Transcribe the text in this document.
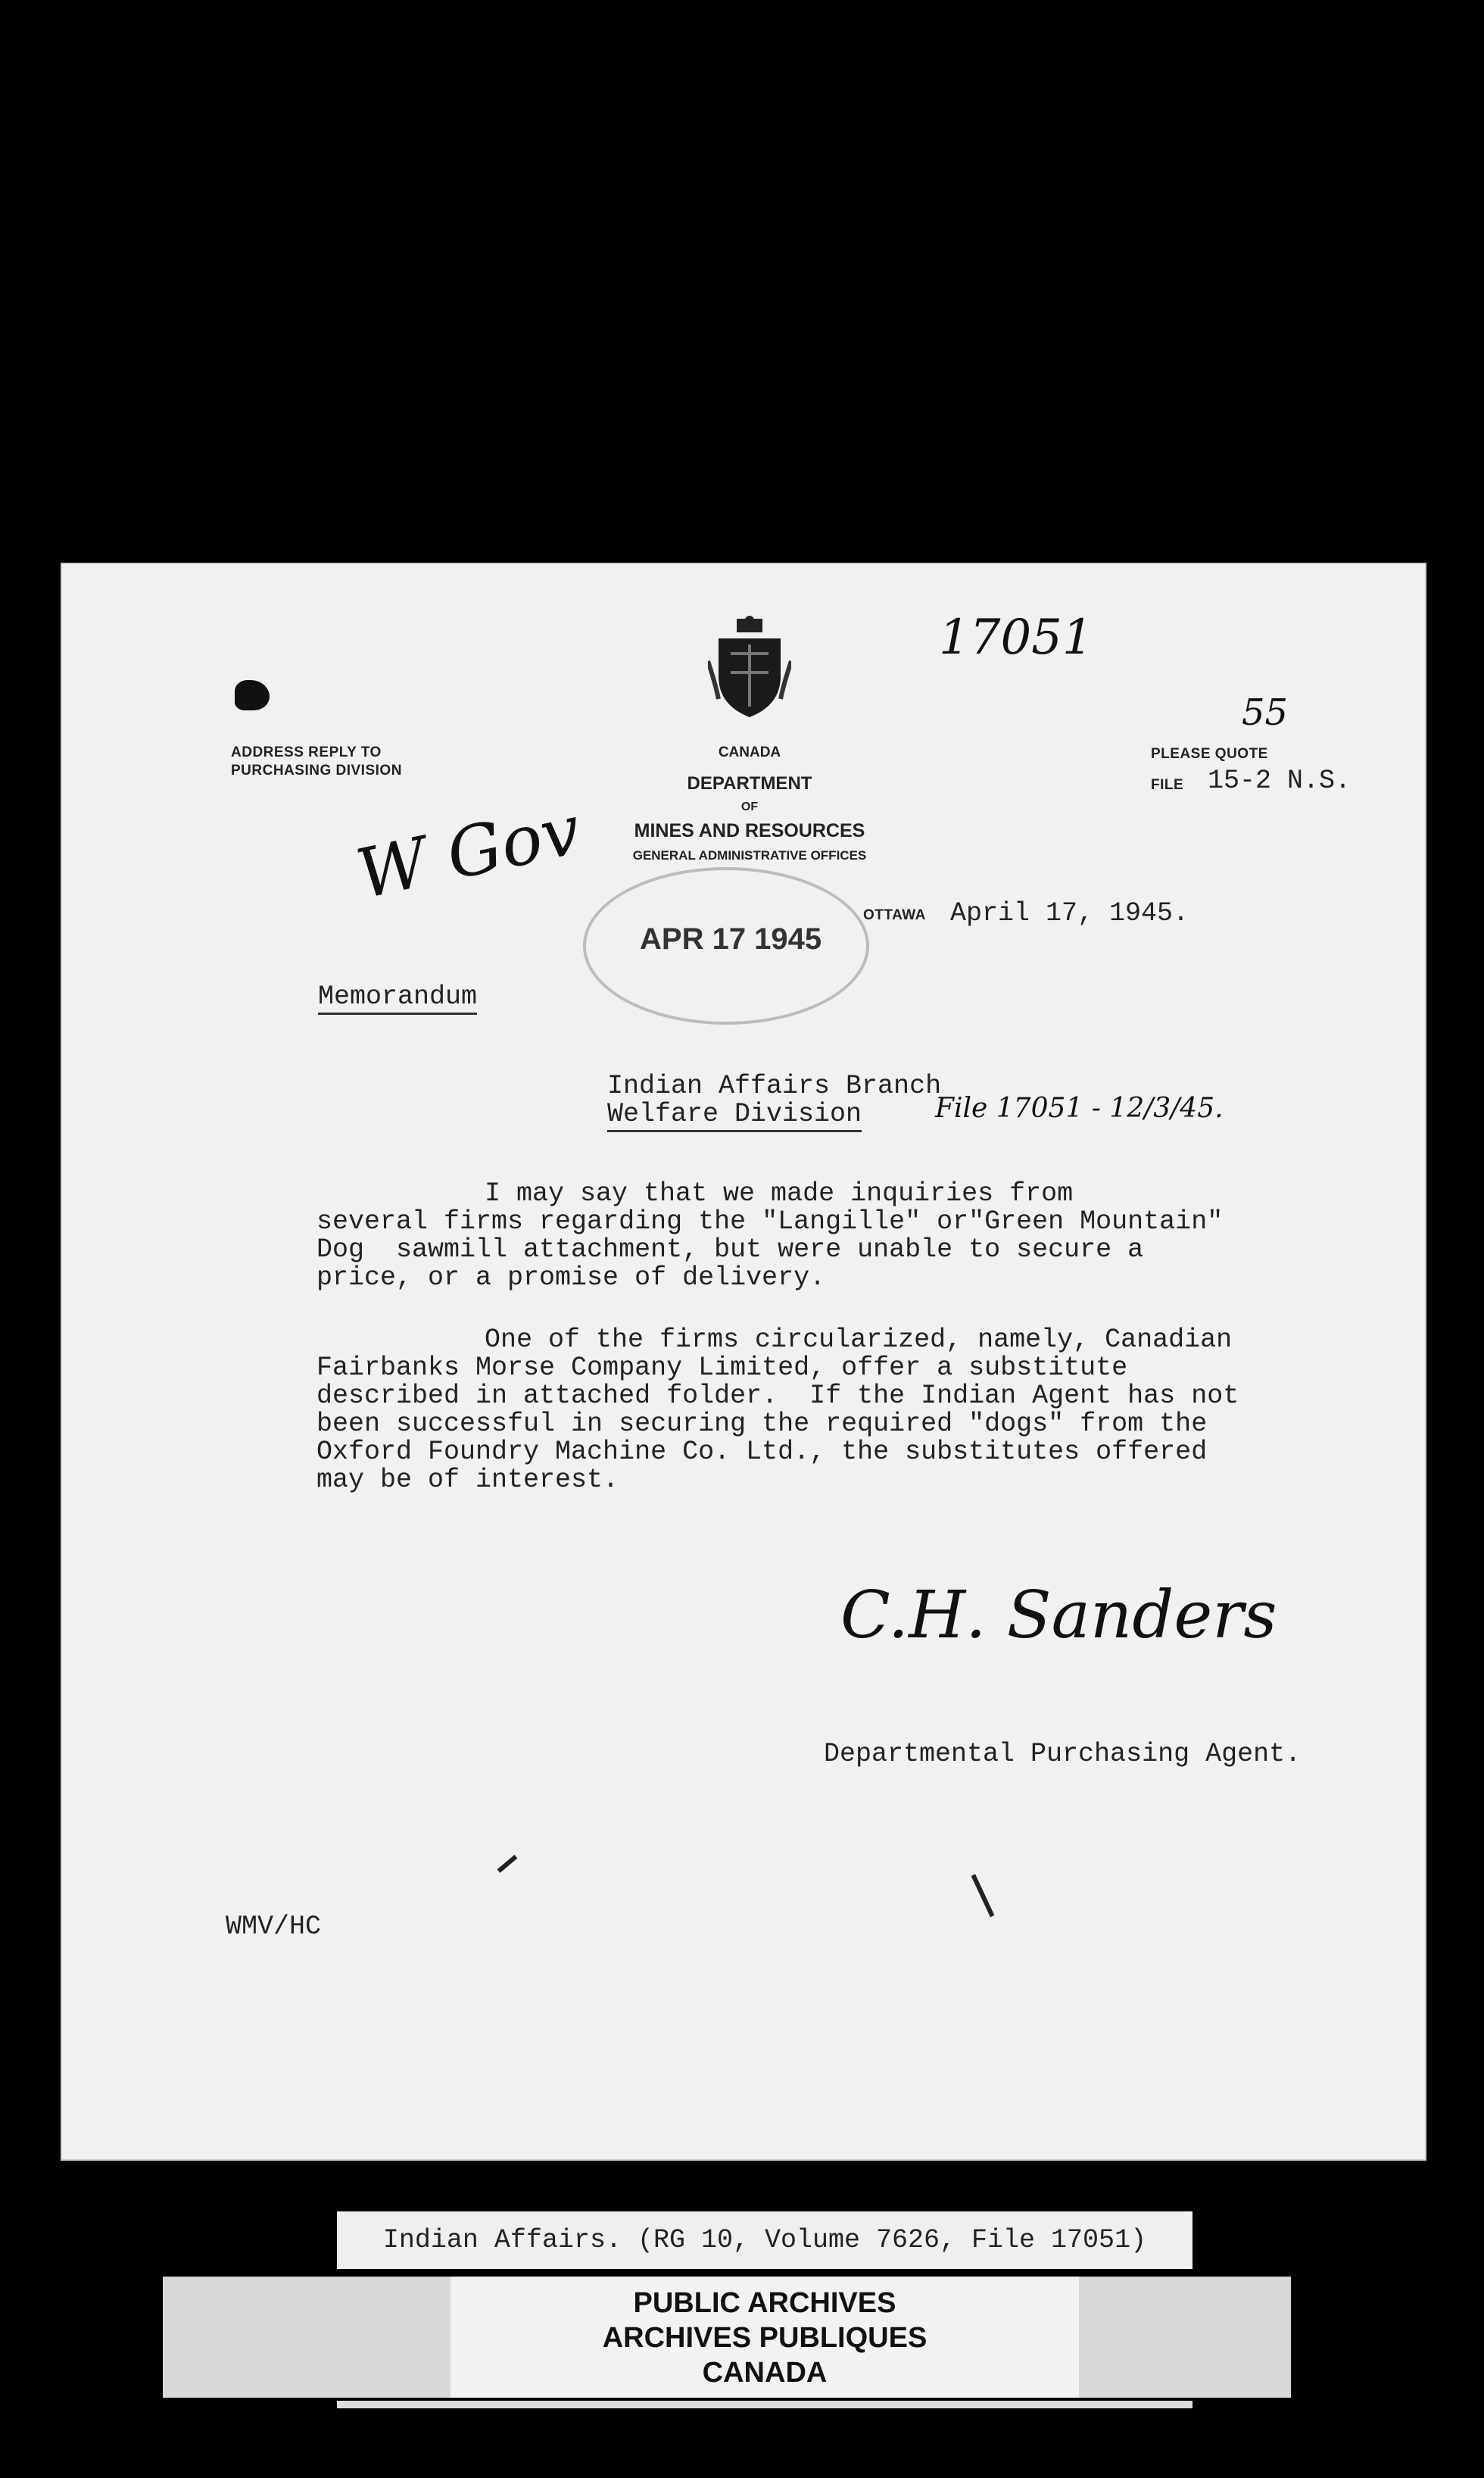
17051
ADDRESS REPLY TO
PURCHASING DIVISION
CANADA
DEPARTMENT
OF
MINES AND RESOURCES
GENERAL ADMINISTRATIVE OFFICES
55
PLEASE QUOTE
FILE 15-2 N.S.
W Gov
APR 17 1945
OTTAWA April 17, 1945.
Memorandum
Indian Affairs Branch
Welfare Division	File 17051 - 12/3/45.
I may say that we made inquiries from
several firms regarding the "Langille" or"Green Mountain"
Dog  sawmill attachment, but were unable to secure a
price, or a promise of delivery.
One of the firms circularized, namely, Canadian
Fairbanks Morse Company Limited, offer a substitute
described in attached folder.  If the Indian Agent has not
been successful in securing the required "dogs" from the
Oxford Foundry Machine Co. Ltd., the substitutes offered
may be of interest.
C.H. Sanders
Departmental Purchasing Agent.
WMV/HC
Indian Affairs. (RG 10, Volume 7626, File 17051)
PUBLIC ARCHIVES
ARCHIVES PUBLIQUES
CANADA
